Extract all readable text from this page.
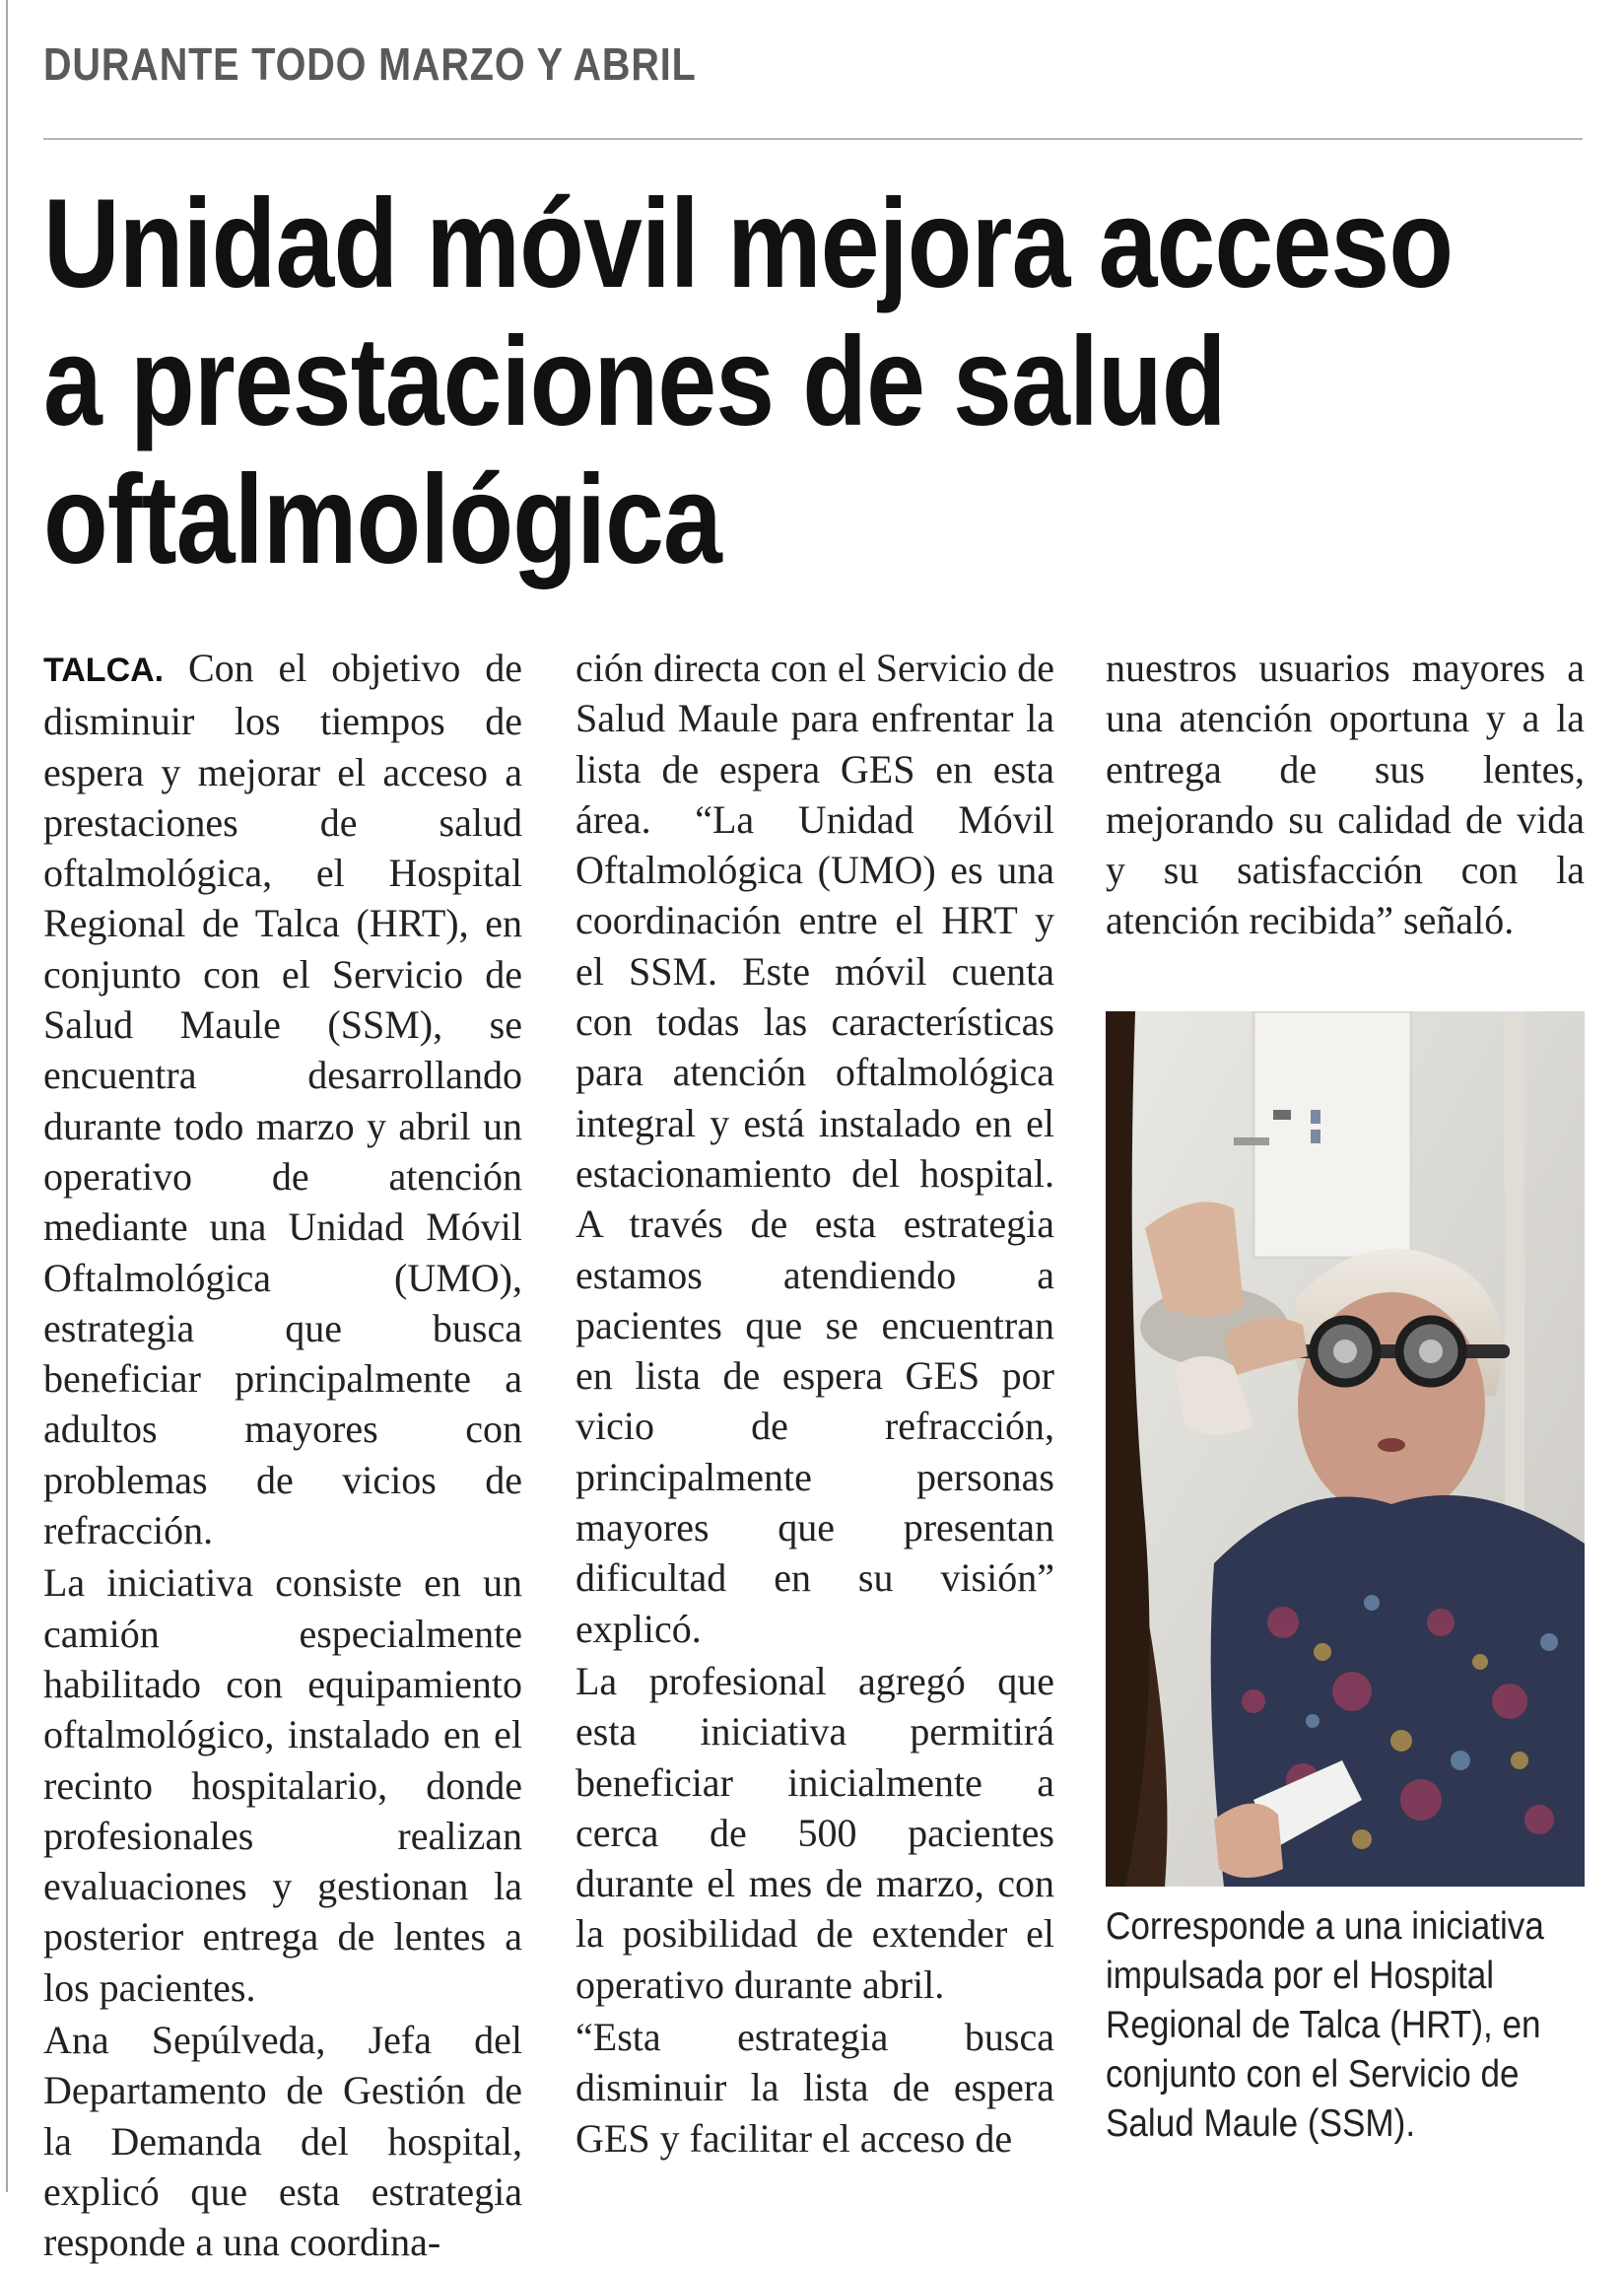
DURANTE TODO MARZO Y ABRIL
Unidad móvil mejora acceso
a prestaciones de salud
oftalmológica

TALCA. Con el objetivo de disminuir los tiempos de espera y mejorar el acceso a prestaciones de salud oftalmológica, el Hospital Regional de Talca (HRT), en conjunto con el Servicio de Salud Maule (SSM), se encuentra desarrollando durante todo marzo y abril un operativo de atención mediante una Unidad Móvil Oftalmológica (UMO), estrategia que busca beneficiar principalmente a adultos mayores con problemas de vicios de refracción.

La iniciativa consiste en un camión especialmente habilitado con equipamiento oftalmológico, instalado en el recinto hospitalario, donde profesionales realizan evaluaciones y gestionan la posterior entrega de lentes a los pacientes.

Ana Sepúlveda, Jefa del Departamento de Gestión de la Demanda del hospital, explicó que esta estrategia responde a una coordina-

ción directa con el Servicio de Salud Maule para enfrentar la lista de espera GES en esta área. “La Unidad Móvil Oftalmológica (UMO) es una coordinación entre el HRT y el SSM. Este móvil cuenta con todas las características para atención oftalmológica integral y está instalado en el estacionamiento del hospital. A través de esta estrategia estamos atendiendo a pacientes que se encuentran en lista de espera GES por vicio de refracción, principalmente personas mayores que presentan dificultad en su visión” explicó.

La profesional agregó que esta iniciativa permitirá beneficiar inicialmente a cerca de 500 pacientes durante el mes de marzo, con la posibilidad de extender el operativo durante abril.

“Esta estrategia busca disminuir la lista de espera GES y facilitar el acceso de

nuestros usuarios mayores a una atención oportuna y a la entrega de sus lentes, mejorando su calidad de vida y su satisfacción con la atención recibida” señaló.

Corresponde a una iniciativa impulsada por el Hospital Regional de Talca (HRT), en conjunto con el Servicio de Salud Maule (SSM).
